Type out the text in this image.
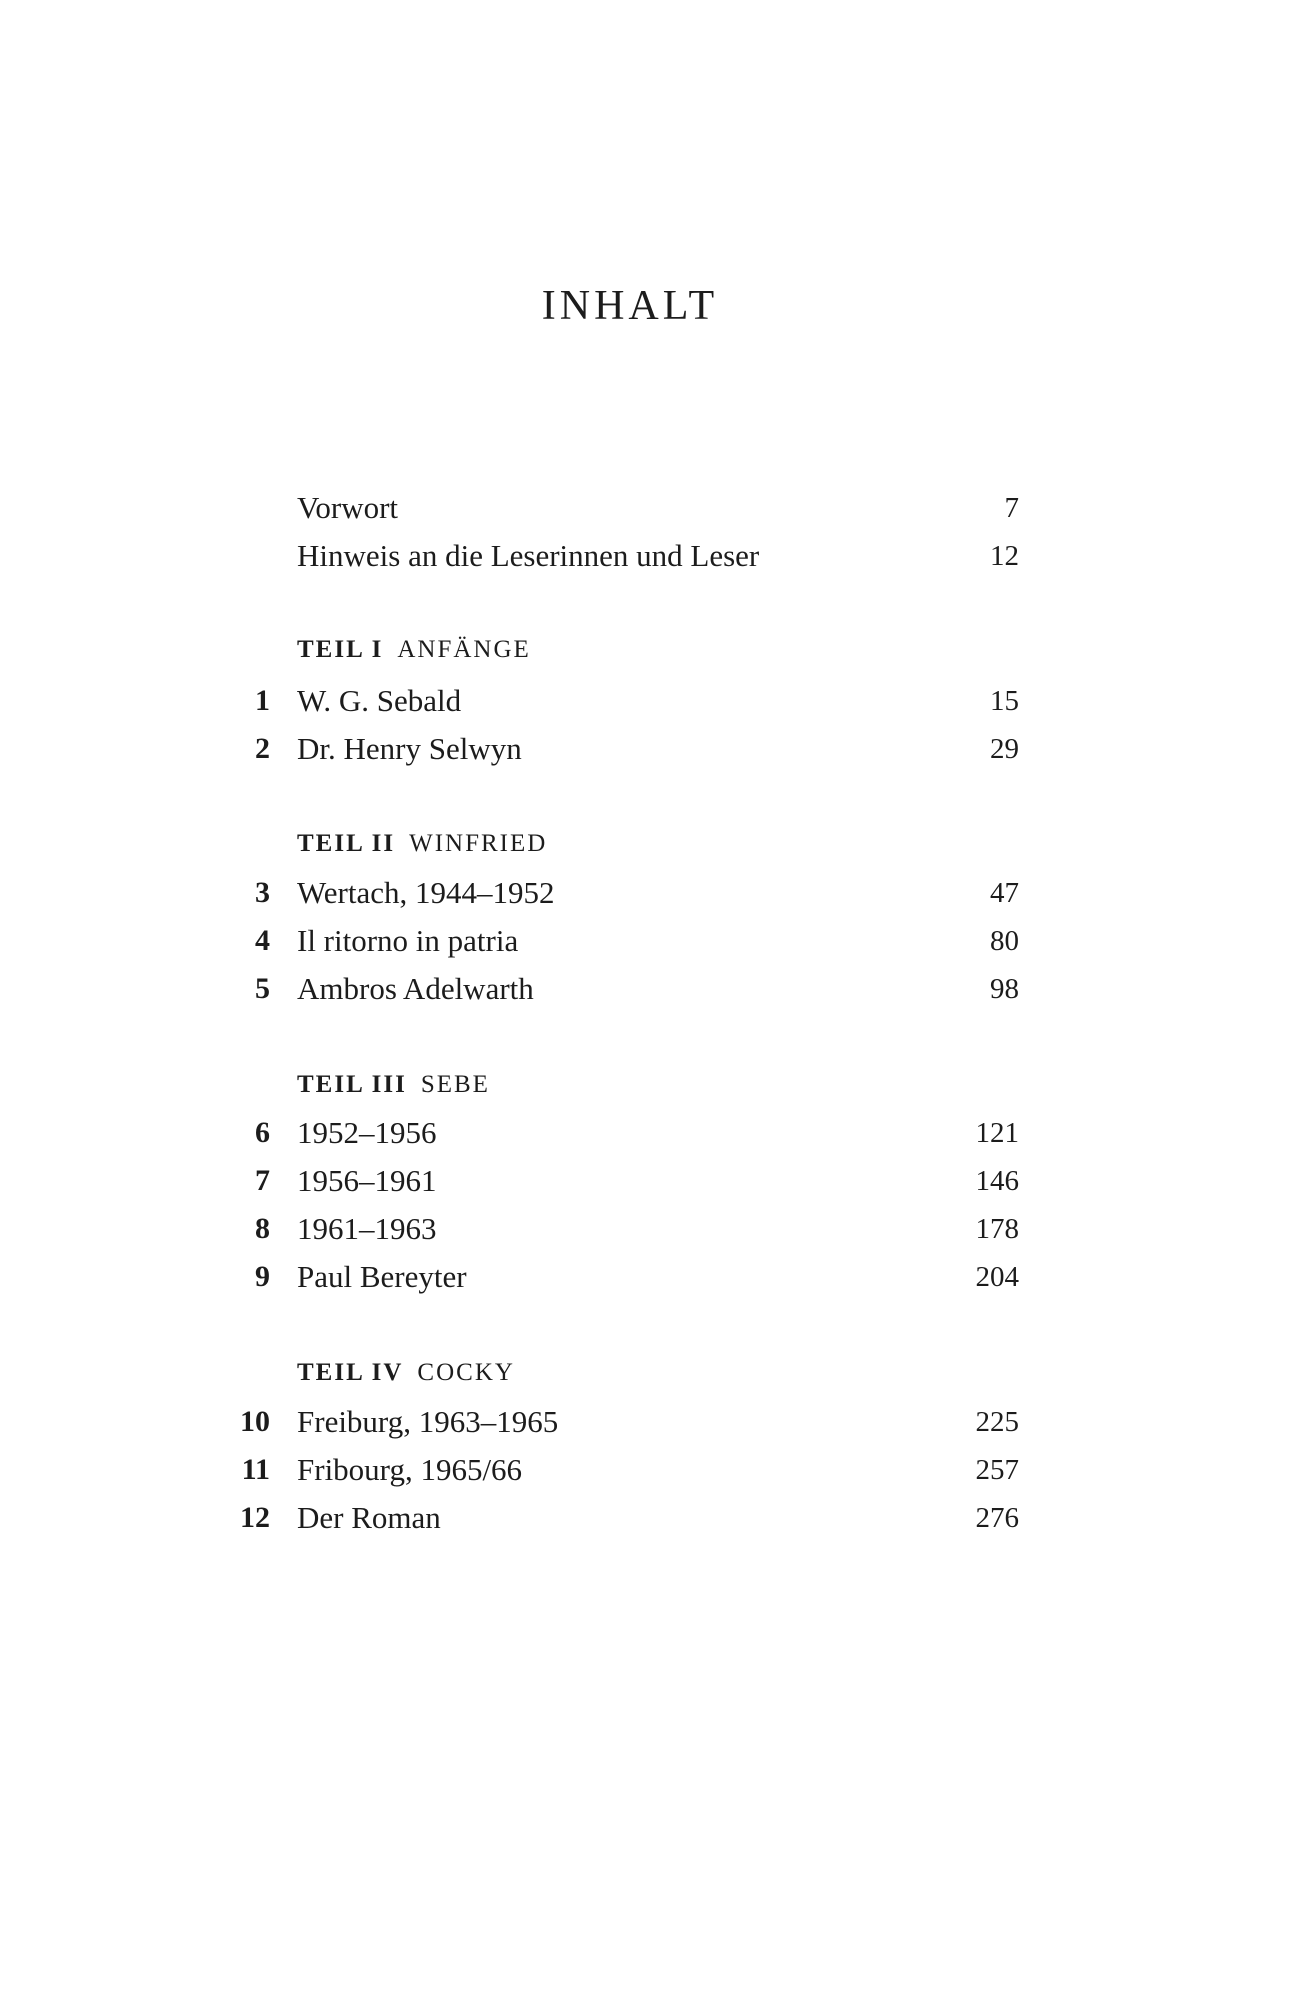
INHALT
Vorwort	7
Hinweis an die Leserinnen und Leser	12
TEIL I ANFÄNGE
1 W. G. Sebald	15
2 Dr. Henry Selwyn	29
TEIL II WINFRIED
3 Wertach, 1944–1952	47
4 Il ritorno in patria	80
5 Ambros Adelwarth	98
TEIL III SEBE
6 1952–1956	121
7 1956–1961	146
8 1961–1963	178
9 Paul Bereyter	204
TEIL IV COCKY
10 Freiburg, 1963–1965	225
11 Fribourg, 1965/66	257
12 Der Roman	276
